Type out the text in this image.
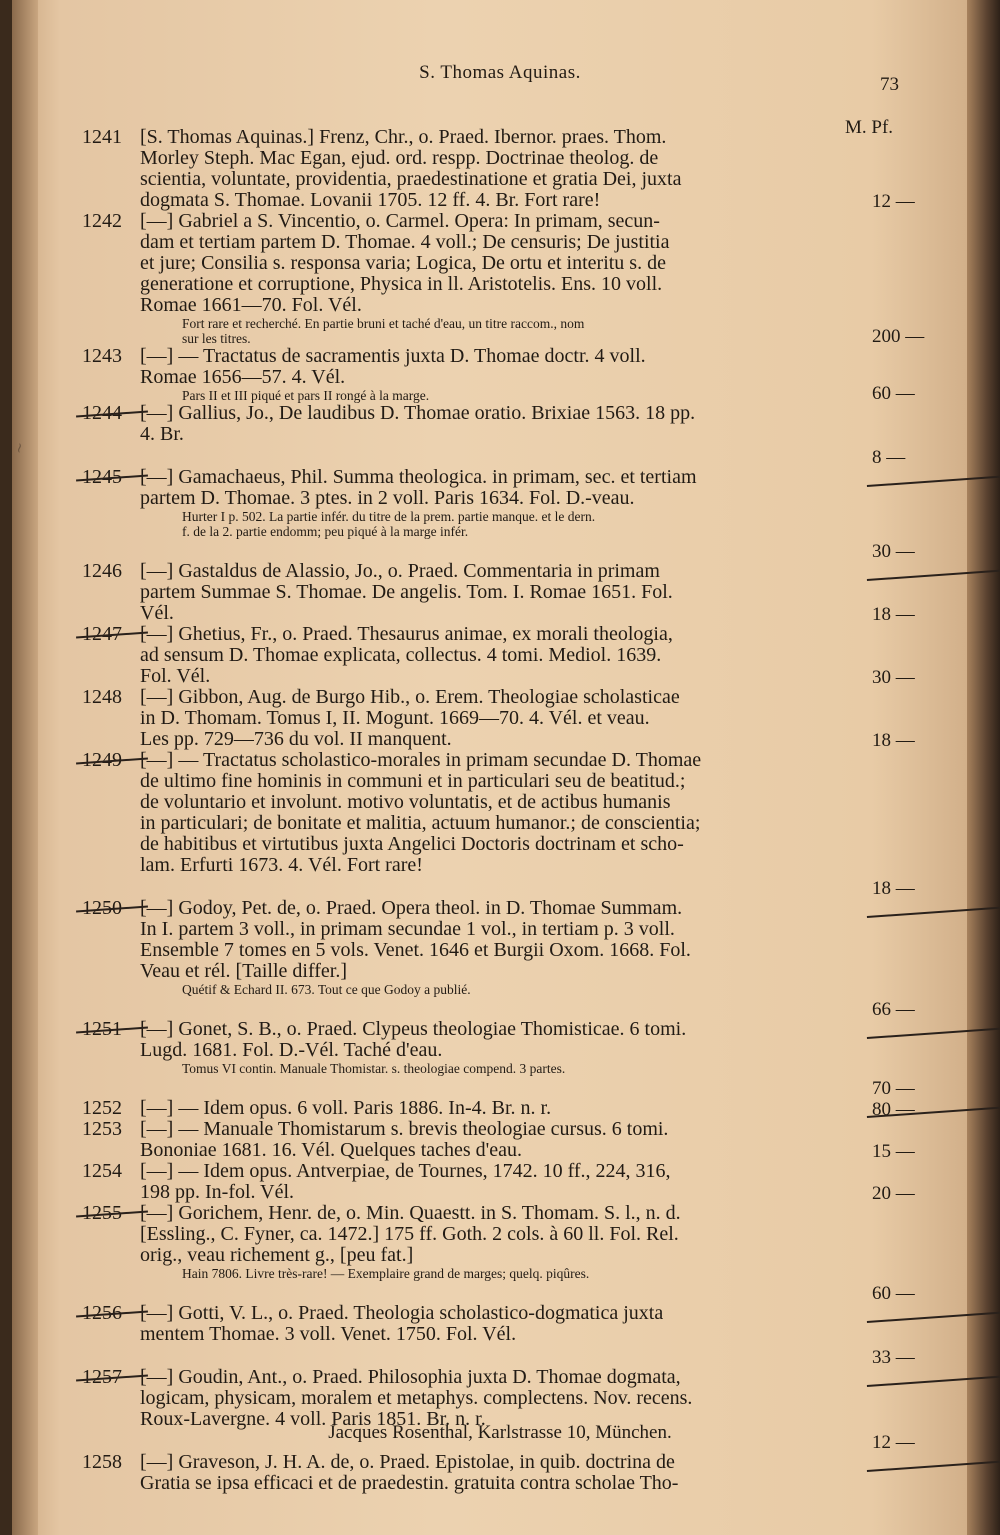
~
S. Thomas Aquinas.
73
M. Pf.
1241 [S. Thomas Aquinas.] Frenz, Chr., o. Praed. Ibernor. praes. Thom.
Morley Steph. Mac Egan, ejud. ord. respp. Doctrinae theolog. de
scientia, voluntate, providentia, praedestinatione et gratia Dei, juxta
dogmata S. Thomae. Lovanii 1705. 12 ff. 4. Br. Fort rare!	12 —
1242 [—] Gabriel a S. Vincentio, o. Carmel. Opera: In primam, secun-
dam et tertiam partem D. Thomae. 4 voll.; De censuris; De justitia
et jure; Consilia s. responsa varia; Logica, De ortu et interitu s. de
generatione et corruptione, Physica in ll. Aristotelis. Ens. 10 voll.
Romae 1661—70. Fol. Vél.
Fort rare et recherché. En partie bruni et taché d'eau, un titre raccom., nom
sur les titres.	200 —
1243 [—] — Tractatus de sacramentis juxta D. Thomae doctr. 4 voll.
Romae 1656—57. 4. Vél.
Pars II et III piqué et pars II rongé à la marge.	60 —
1244 [—] Gallius, Jo., De laudibus D. Thomae oratio. Brixiae 1563. 18 pp.
4. Br.
8 —
1245 [—] Gamachaeus, Phil. Summa theologica. in primam, sec. et tertiam
partem D. Thomae. 3 ptes. in 2 voll. Paris 1634. Fol. D.-veau.
Hurter I p. 502. La partie infér. du titre de la prem. partie manque. et le dern.
f. de la 2. partie endomm; peu piqué à la marge infér.
30 —
1246 [—] Gastaldus de Alassio, Jo., o. Praed. Commentaria in primam
partem Summae S. Thomae. De angelis. Tom. I. Romae 1651. Fol.
Vél.	18 —
1247 [—] Ghetius, Fr., o. Praed. Thesaurus animae, ex morali theologia,
ad sensum D. Thomae explicata, collectus. 4 tomi. Mediol. 1639.
Fol. Vél.	30 —
1248 [—] Gibbon, Aug. de Burgo Hib., o. Erem. Theologiae scholasticae
in D. Thomam. Tomus I, II. Mogunt. 1669—70. 4. Vél. et veau.
Les pp. 729—736 du vol. II manquent.	18 —
1249 [—] — Tractatus scholastico-morales in primam secundae D. Thomae
de ultimo fine hominis in communi et in particulari seu de beatitud.;
de voluntario et involunt. motivo voluntatis, et de actibus humanis
in particulari; de bonitate et malitia, actuum humanor.; de conscientia;
de habitibus et virtutibus juxta Angelici Doctoris doctrinam et scho-
lam. Erfurti 1673. 4. Vél. Fort rare!
18 —
1250 [—] Godoy, Pet. de, o. Praed. Opera theol. in D. Thomae Summam.
In I. partem 3 voll., in primam secundae 1 vol., in tertiam p. 3 voll.
Ensemble 7 tomes en 5 vols. Venet. 1646 et Burgii Oxom. 1668. Fol.
Veau et rél. [Taille differ.]
Quétif & Echard II. 673. Tout ce que Godoy a publié.
66 —
1251 [—] Gonet, S. B., o. Praed. Clypeus theologiae Thomisticae. 6 tomi.
Lugd. 1681. Fol. D.-Vél. Taché d'eau.
Tomus VI contin. Manuale Thomistar. s. theologiae compend. 3 partes.
70 —
1252 [—] — Idem opus. 6 voll. Paris 1886. In-4. Br. n. r.	80 —
1253 [—] — Manuale Thomistarum s. brevis theologiae cursus. 6 tomi.
Bononiae 1681. 16. Vél. Quelques taches d'eau.	15 —
1254 [—] — Idem opus. Antverpiae, de Tournes, 1742. 10 ff., 224, 316,
198 pp. In-fol. Vél.	20 —
1255 [—] Gorichem, Henr. de, o. Min. Quaestt. in S. Thomam. S. l., n. d.
[Essling., C. Fyner, ca. 1472.] 175 ff. Goth. 2 cols. à 60 ll. Fol. Rel.
orig., veau richement g., [peu fat.]
Hain 7806. Livre très-rare! — Exemplaire grand de marges; quelq. piqûres.
60 —
1256 [—] Gotti, V. L., o. Praed. Theologia scholastico-dogmatica juxta
mentem Thomae. 3 voll. Venet. 1750. Fol. Vél.
33 —
1257 [—] Goudin, Ant., o. Praed. Philosophia juxta D. Thomae dogmata,
logicam, physicam, moralem et metaphys. complectens. Nov. recens.
Roux-Lavergne. 4 voll. Paris 1851. Br. n. r.
12 —
1258 [—] Graveson, J. H. A. de, o. Praed. Epistolae, in quib. doctrina de
Gratia se ipsa efficaci et de praedestin. gratuita contra scholae Tho-
Jacques Rosenthal, Karlstrasse 10, München.
